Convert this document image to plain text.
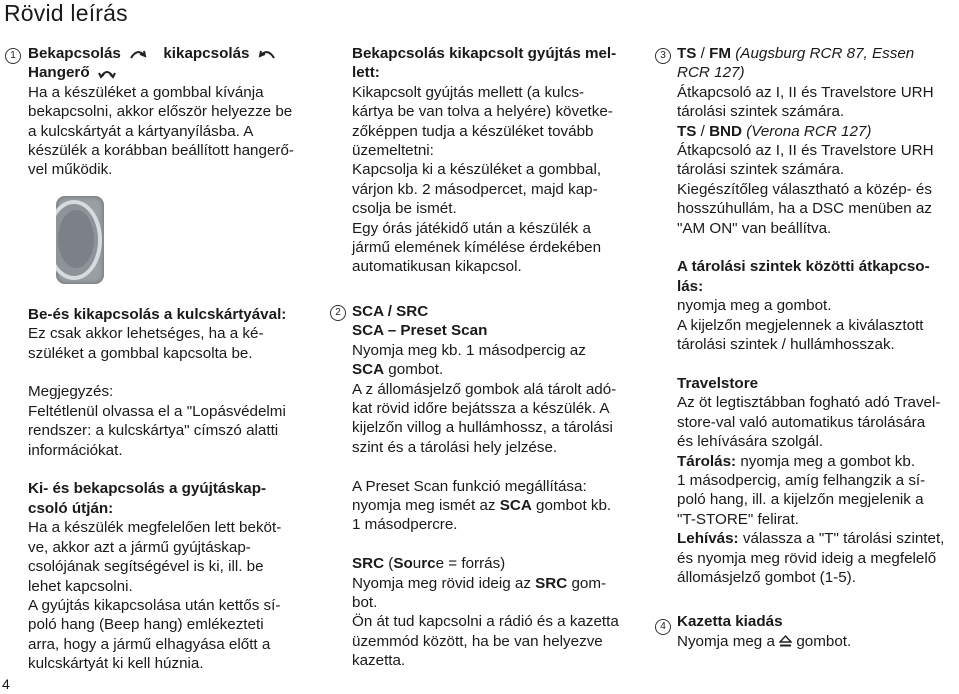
Rövid leírás
4
1 Bekapcsolás	kikapcsolás
Hangerő
Ha a készüléket a gombbal kívánja
bekapcsolni, akkor először helyezze be
a kulcskártyát a kártyanyílásba. A
készülék a korábban beállított hangerő-
vel működik.
Be-és kikapcsolás a kulcskártyával:
Ez csak akkor lehetséges, ha a ké-
szüléket a gombbal kapcsolta be.
Megjegyzés:
Feltétlenül olvassa el a "Lopásvédelmi
rendszer: a kulcskártya" címszó alatti
információkat.
Ki- és bekapcsolás a gyújtáskap-
csoló útján:
Ha a készülék megfelelően lett beköt-
ve, akkor azt a jármű gyújtáskap-
csolójának segítségével is ki, ill. be
lehet kapcsolni.
A gyújtás kikapcsolása után kettős sí-
poló hang (Beep hang) emlékezteti
arra, hogy a jármű elhagyása előtt a
kulcskártyát ki kell húznia.
Bekapcsolás kikapcsolt gyújtás mel-
lett:
Kikapcsolt gyújtás mellett (a kulcs-
kártya be van tolva a helyére) követke-
zőképpen tudja a készüléket tovább
üzemeltetni:
Kapcsolja ki a készüléket a gombbal,
várjon kb. 2 másodpercet, majd kap-
csolja be ismét.
Egy órás játékidő után a készülék a
jármű elemének kímélése érdekében
automatikusan kikapcsol.
SCA / SRC
SCA – Preset Scan
Nyomja meg kb. 1 másodpercig az
SCA gombot.
A z állomásjelző gombok alá tárolt adó-
kat rövid időre bejátssza a készülék. A
kijelzőn villog a hullámhossz, a tárolási
szint és a tárolási hely jelzése.
A Preset Scan funkció megállítása:
nyomja meg ismét az SCA gombot kb.
1 másodpercre.
SRC (Source = forrás)
Nyomja meg rövid ideig az SRC gom-
bot.
Ön át tud kapcsolni a rádió és a kazetta
üzemmód között, ha be van helyezve
kazetta.
2
3 TS / FM (Augsburg RCR 87, Essen
RCR 127)
Átkapcsoló az I, II és Travelstore URH
tárolási szintek számára.
TS / BND (Verona RCR 127)
Átkapcsoló az I, II és Travelstore URH
tárolási szintek számára.
Kiegészítőleg választható a közép- és
hosszúhullám, ha a DSC menüben az
"AM ON" van beállítva.
A tárolási szintek közötti átkapcso-
lás:
nyomja meg a gombot.
A kijelzőn megjelennek a kiválasztott
tárolási szintek / hullámhosszak.
Travelstore
Az öt legtisztábban fogható adó Travel-
store-val való automatikus tárolására
és lehívására szolgál.
Tárolás: nyomja meg a gombot kb.
1 másodpercig, amíg felhangzik a sí-
poló hang, ill. a kijelzőn megjelenik a
"T-STORE" felirat.
Lehívás: válassza a "T" tárolási szintet,
és nyomja meg rövid ideig a megfelelő
állomásjelző gombot (1-5).
Kazetta kiadás
Nyomja meg a  gombot.
4
